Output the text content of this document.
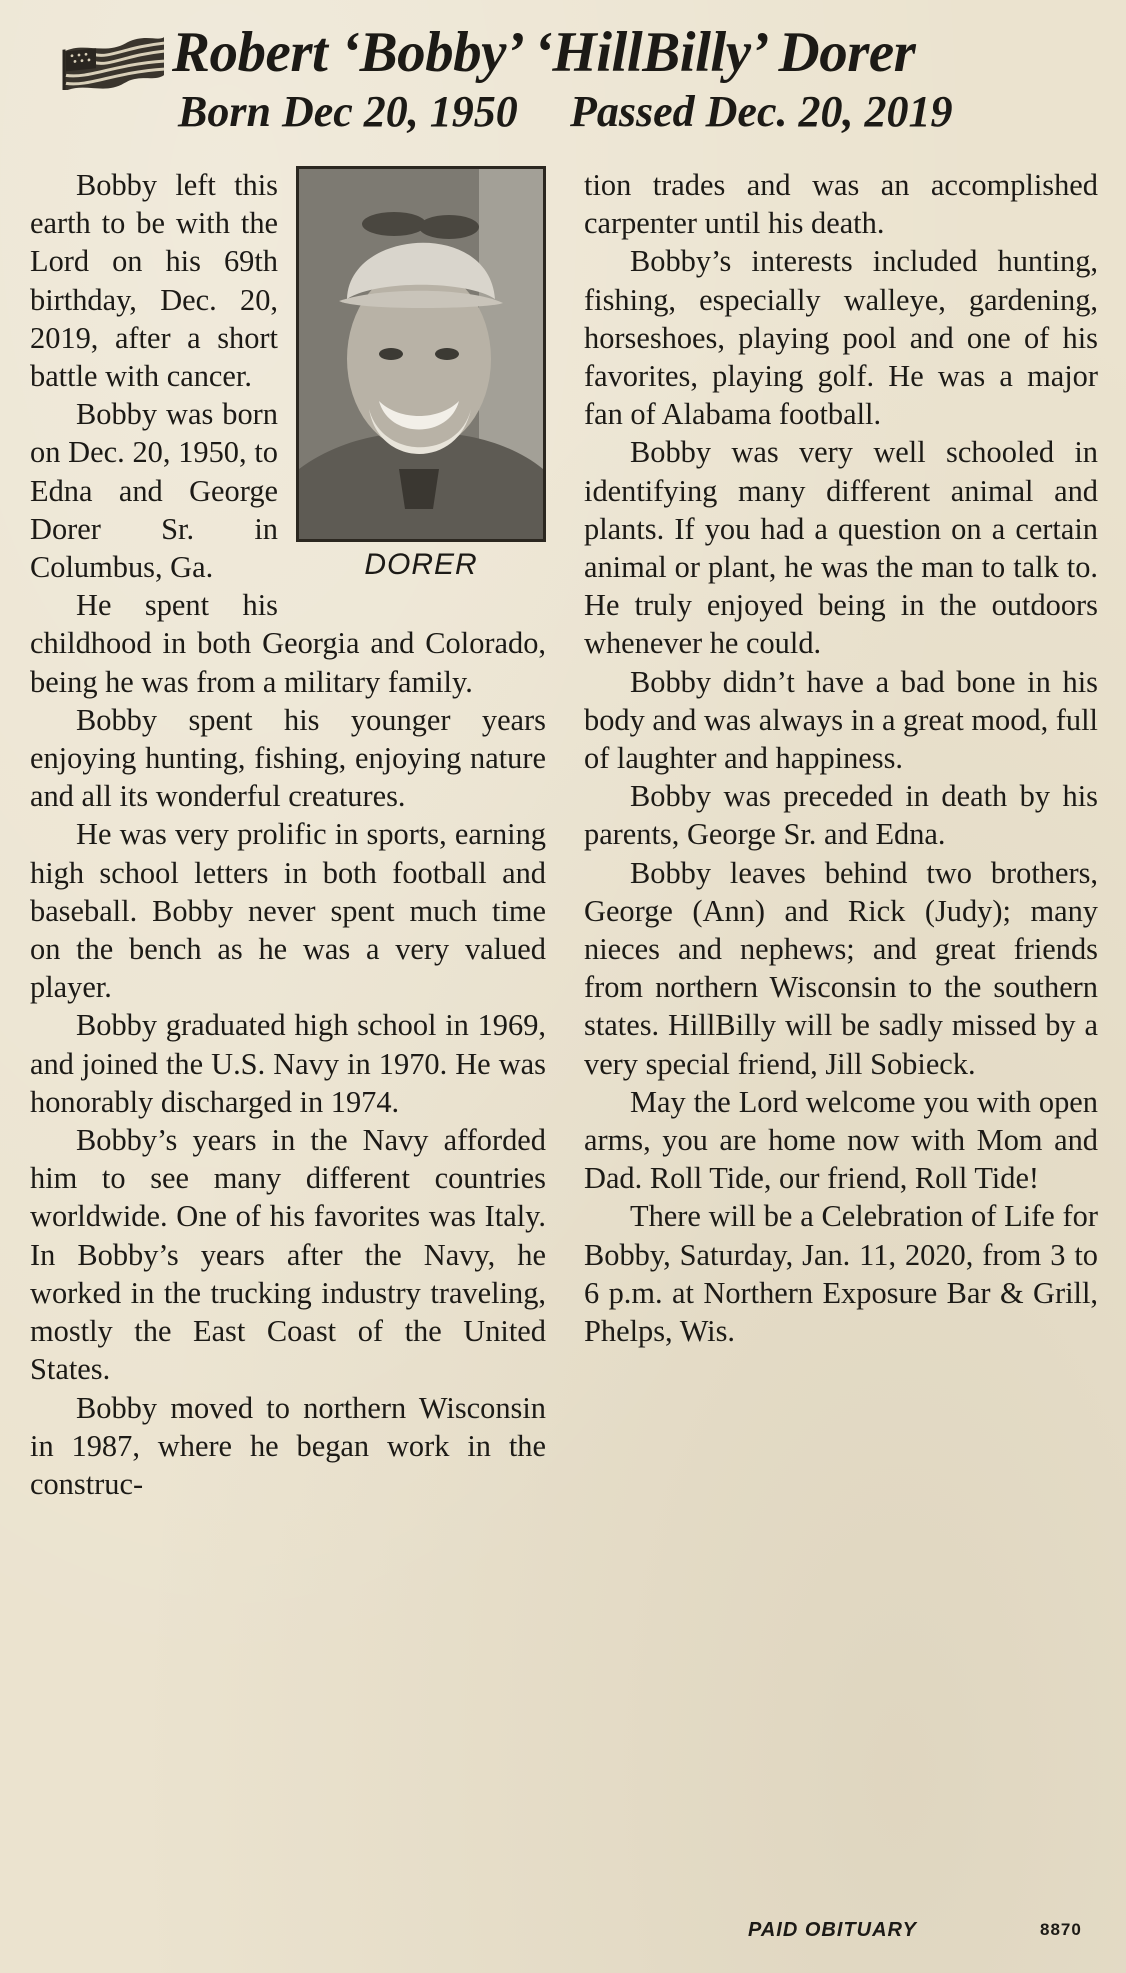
Robert ‘Bobby’ ‘HillBilly’ Dorer
Born Dec 20, 1950 Passed Dec. 20, 2019
DORER

Bobby left this earth to be with the Lord on his 69th birthday, Dec. 20, 2019, after a short battle with cancer.

Bobby was born on Dec. 20, 1950, to Edna and George Dorer Sr. in Columbus, Ga.

He spent his childhood in both Georgia and Colorado, being he was from a military family.

Bobby spent his younger years enjoying hunting, fishing, enjoying nature and all its wonderful creatures.

He was very prolific in sports, earning high school letters in both football and baseball. Bobby never spent much time on the bench as he was a very valued player.

Bobby graduated high school in 1969, and joined the U.S. Navy in 1970. He was honorably discharged in 1974.

Bobby’s years in the Navy afforded him to see many different countries worldwide. One of his favorites was Italy. In Bobby’s years after the Navy, he worked in the trucking industry traveling, mostly the East Coast of the United States.

Bobby moved to northern Wisconsin in 1987, where he began work in the construc-

tion trades and was an accomplished carpenter until his death.

Bobby’s interests included hunting, fishing, especially walleye, gardening, horseshoes, playing pool and one of his favorites, playing golf. He was a major fan of Alabama football.

Bobby was very well schooled in identifying many different animal and plants. If you had a question on a certain animal or plant, he was the man to talk to. He truly enjoyed being in the outdoors whenever he could.

Bobby didn’t have a bad bone in his body and was always in a great mood, full of laughter and happiness.

Bobby was preceded in death by his parents, George Sr. and Edna.

Bobby leaves behind two brothers, George (Ann) and Rick (Judy); many nieces and nephews; and great friends from northern Wisconsin to the southern states. HillBilly will be sadly missed by a very special friend, Jill Sobieck.

May the Lord welcome you with open arms, you are home now with Mom and Dad. Roll Tide, our friend, Roll Tide!

There will be a Celebration of Life for Bobby, Saturday, Jan. 11, 2020, from 3 to 6 p.m. at Northern Exposure Bar & Grill, Phelps, Wis.

PAID OBITUARY	8870
